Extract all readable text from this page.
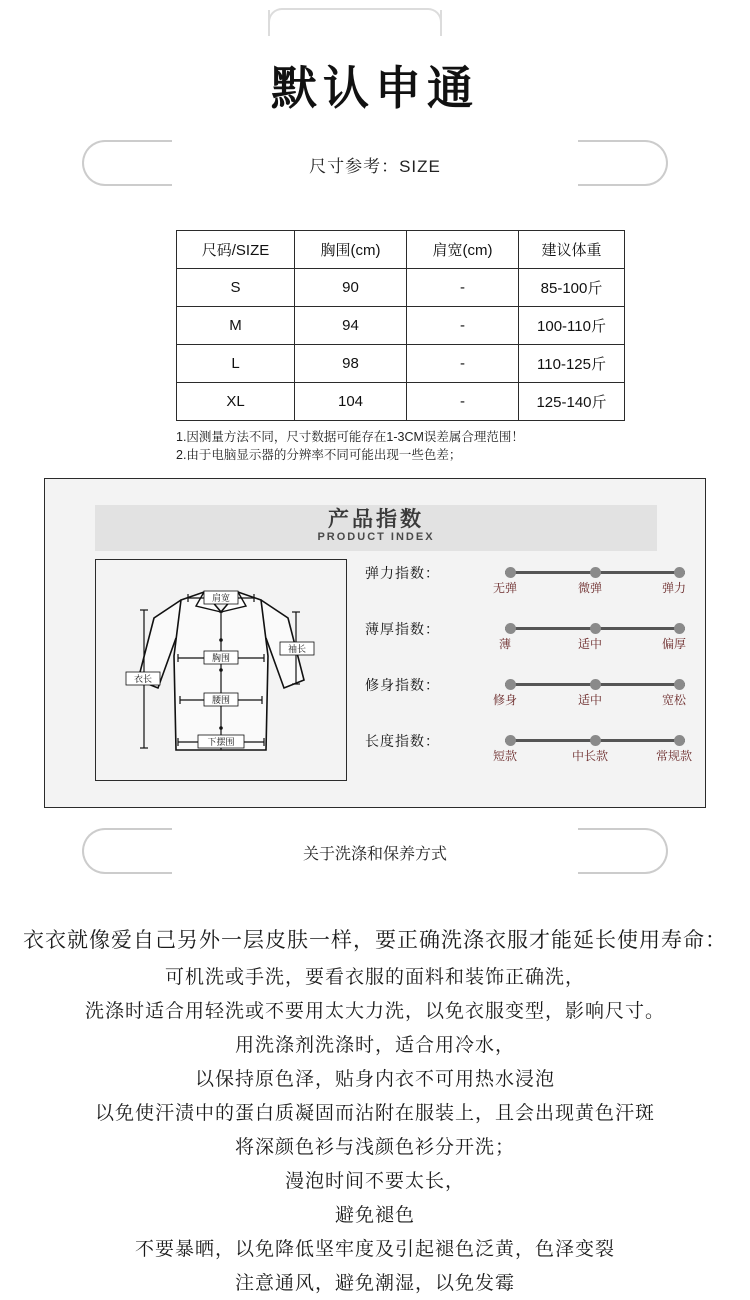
默认申通
尺寸参考：SIZE
尺码/SIZE	胸围(cm)	肩宽(cm)	建议体重
S	90	-	85-100斤
M	94	-	100-110斤
L	98	-	110-125斤
XL	104	-	125-140斤
1.因测量方法不同，尺寸数据可能存在1-3CM误差属合理范围！
2.由于电脑显示器的分辨率不同可能出现一些色差；
产品指数
PRODUCT INDEX
肩宽
胸围
腰围
下摆围
衣长
袖长
弹力指数：
无弹	微弹	弹力
薄厚指数：
薄	适中	偏厚
修身指数：
修身	适中	宽松
长度指数：
短款	中长款	常规款
关于洗涤和保养方式
衣衣就像爱自己另外一层皮肤一样，要正确洗涤衣服才能延长使用寿命：
可机洗或手洗，要看衣服的面料和装饰正确洗，
洗涤时适合用轻洗或不要用太大力洗，以免衣服变型，影响尺寸。
用洗涤剂洗涤时，适合用冷水，
以保持原色泽，贴身内衣不可用热水浸泡
以免使汗渍中的蛋白质凝固而沾附在服装上，且会出现黄色汗斑
将深颜色衫与浅颜色衫分开洗；
漫泡时间不要太长，
避免褪色
不要暴晒，以免降低坚牢度及引起褪色泛黄，色泽变裂
注意通风，避免潮湿，以免发霉
